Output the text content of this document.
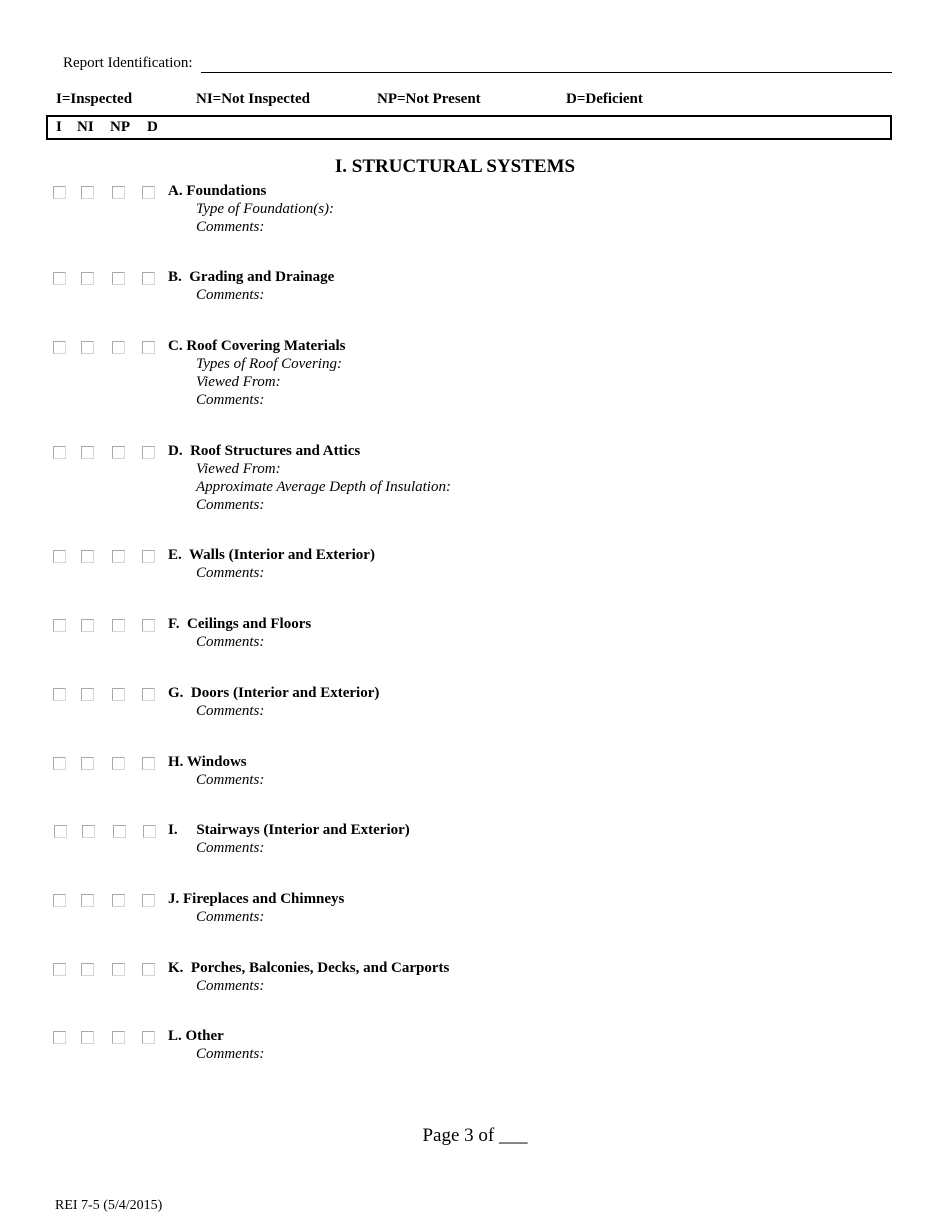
Report Identification:
I=Inspected	NI=Not Inspected	NP=Not Present	D=Deficient
I NI NP D
I. STRUCTURAL SYSTEMS
A. Foundations
Type of Foundation(s):
Comments:
B.  Grading and Drainage
Comments:
C. Roof Covering Materials
Types of Roof Covering:
Viewed From:
Comments:
D.  Roof Structures and Attics
Viewed From:
Approximate Average Depth of Insulation:
Comments:
E.  Walls (Interior and Exterior)
Comments:
F.  Ceilings and Floors
Comments:
G.  Doors (Interior and Exterior)
Comments:
H. Windows
Comments:
I.     Stairways (Interior and Exterior)
Comments:
J. Fireplaces and Chimneys
Comments:
K.  Porches, Balconies, Decks, and Carports
Comments:
L. Other
Comments:
Page 3 of ___
REI 7-5 (5/4/2015)
